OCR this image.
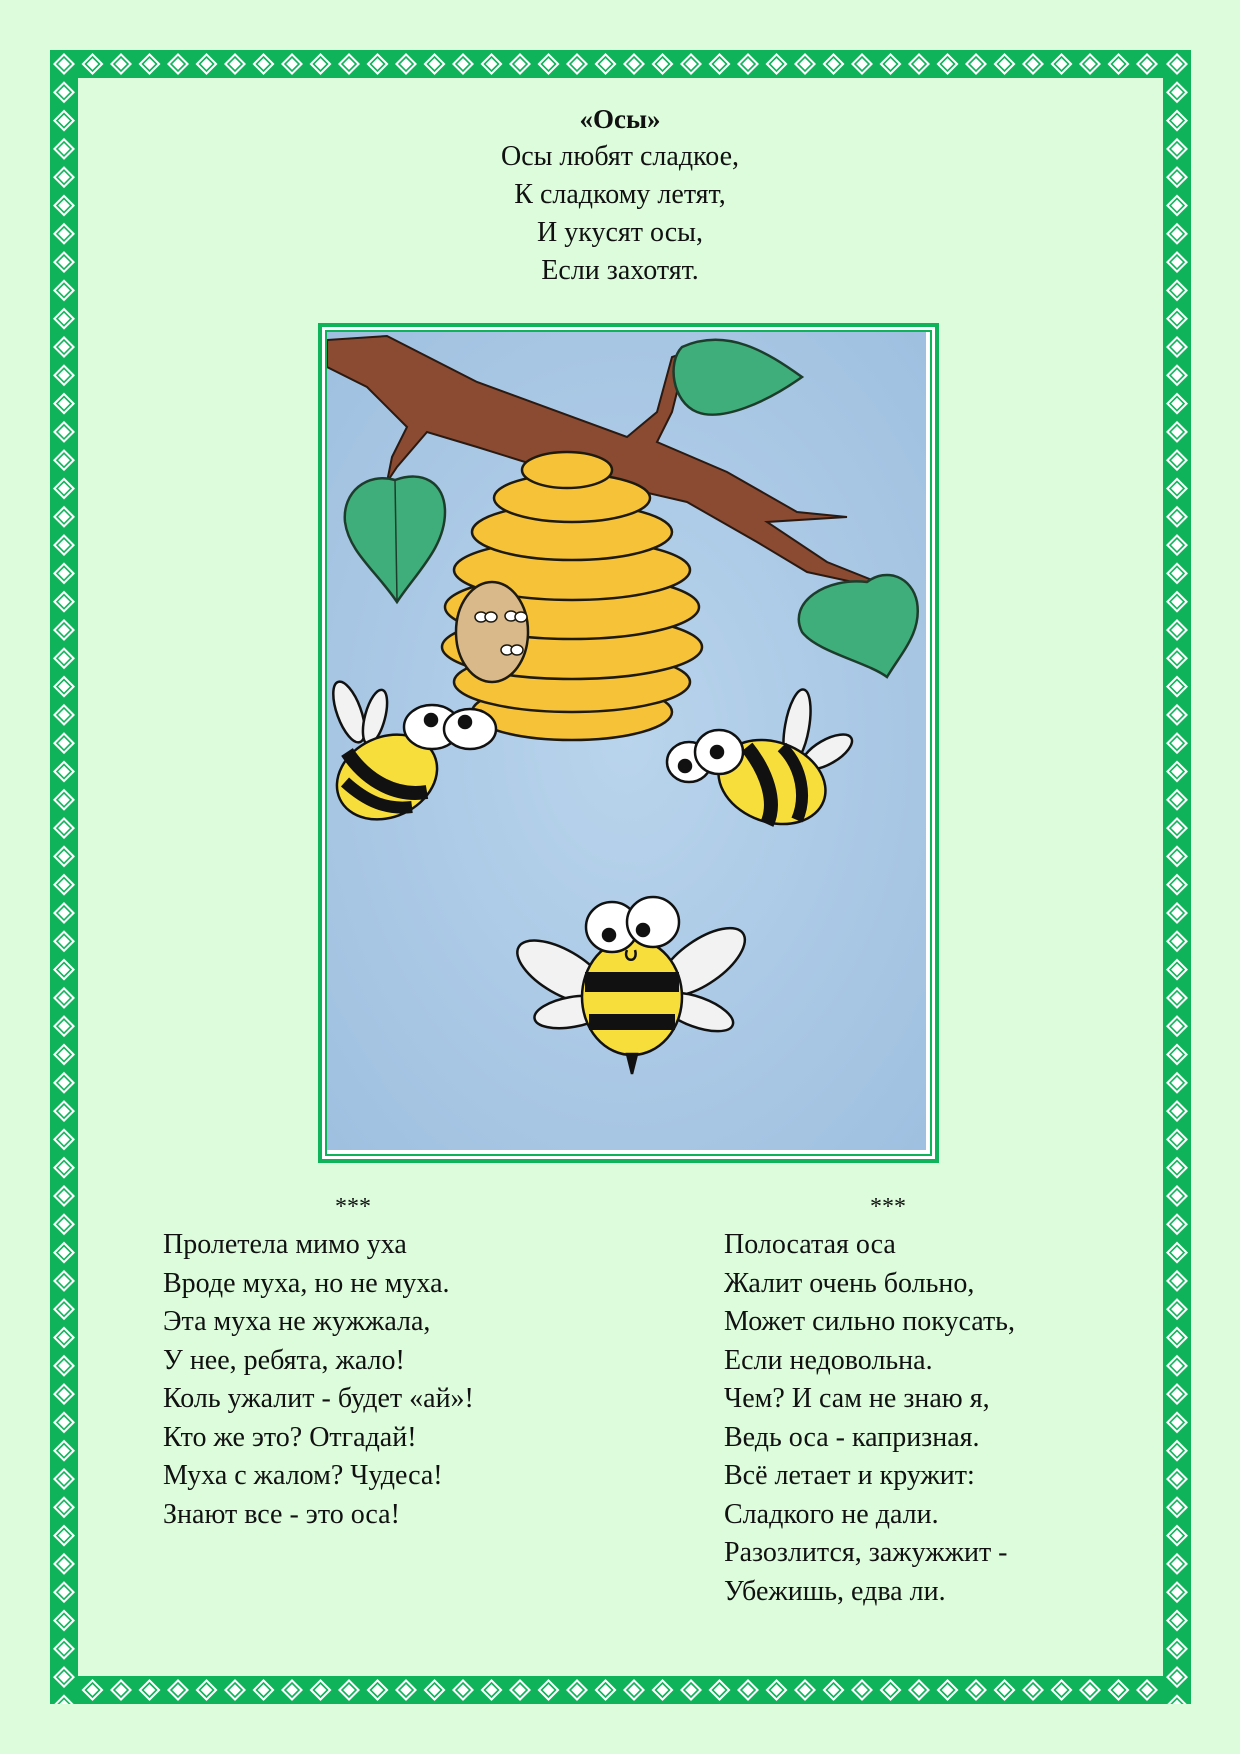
«Осы»
Осы любят сладкое,
К сладкому летят,
И укусят осы,
Если захотят.
***
Пролетела мимо уха
Вроде муха, но не муха.
Эта муха не жужжала,
У нее, ребята, жало!
Коль ужалит - будет «ай»!
Кто же это? Отгадай!
Муха с жалом? Чудеса!
Знают все - это оса!
***
Полосатая оса
Жалит очень больно,
Может сильно покусать,
Если недовольна.
Чем? И сам не знаю я,
Ведь оса - капризная.
Всё летает и кружит:
Сладкого не дали.
Разозлится, зажужжит -
Убежишь, едва ли.
